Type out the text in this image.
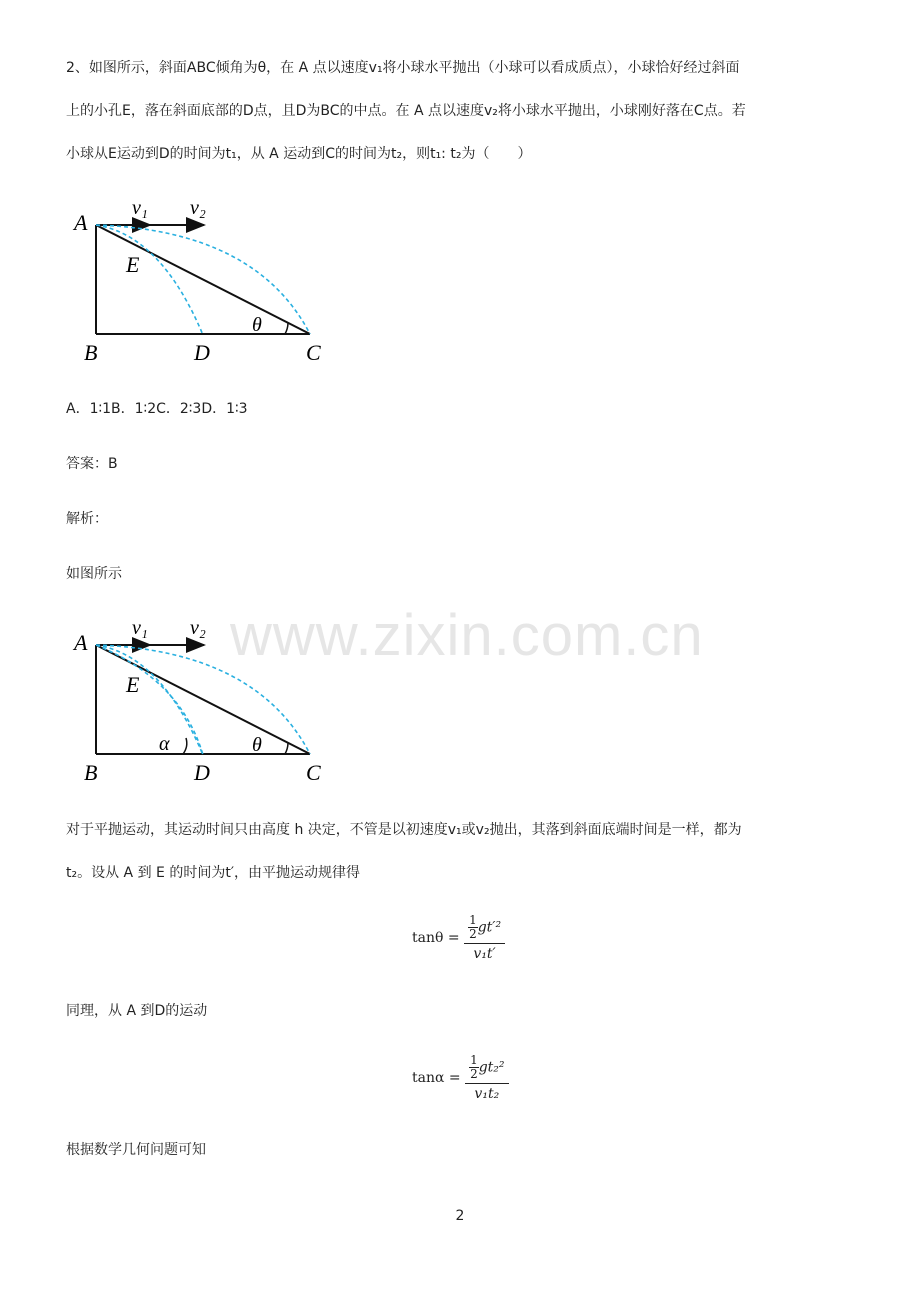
2、如图所示，斜面ABC倾角为θ，在 A 点以速度v₁将小球水平抛出（小球可以看成质点），小球恰好经过斜面
上的小孔E，落在斜面底部的D点，且D为BC的中点。在 A 点以速度v₂将小球水平抛出，小球刚好落在C点。若
小球从E运动到D的时间为t₁，从 A 运动到C的时间为t₂，则t₁: t₂为（　　）
A
E
B	D	C
θ
v₁ v₂
A．1∶1B．1∶2C．2∶3D．1∶3
答案：B
解析：
如图所示
www.zixin.com.cn
A
E
α
B	D	C
θ
v₁ v₂
对于平抛运动，其运动时间只由高度 h 决定，不管是以初速度v₁或v₂抛出，其落到斜面底端时间是一样，都为
t₂。设从 A 到 E 的时间为t′，由平抛运动规律得
$\tan\theta = \frac{\frac{1}{2} gt'^2}{\text{v₁t′}}$
同理，从 A 到D的运动
$\tan\alpha = \frac{\frac{1}{2} gt_2^2}{\text{v₁t₂}}$
根据数学几何问题可知
2
